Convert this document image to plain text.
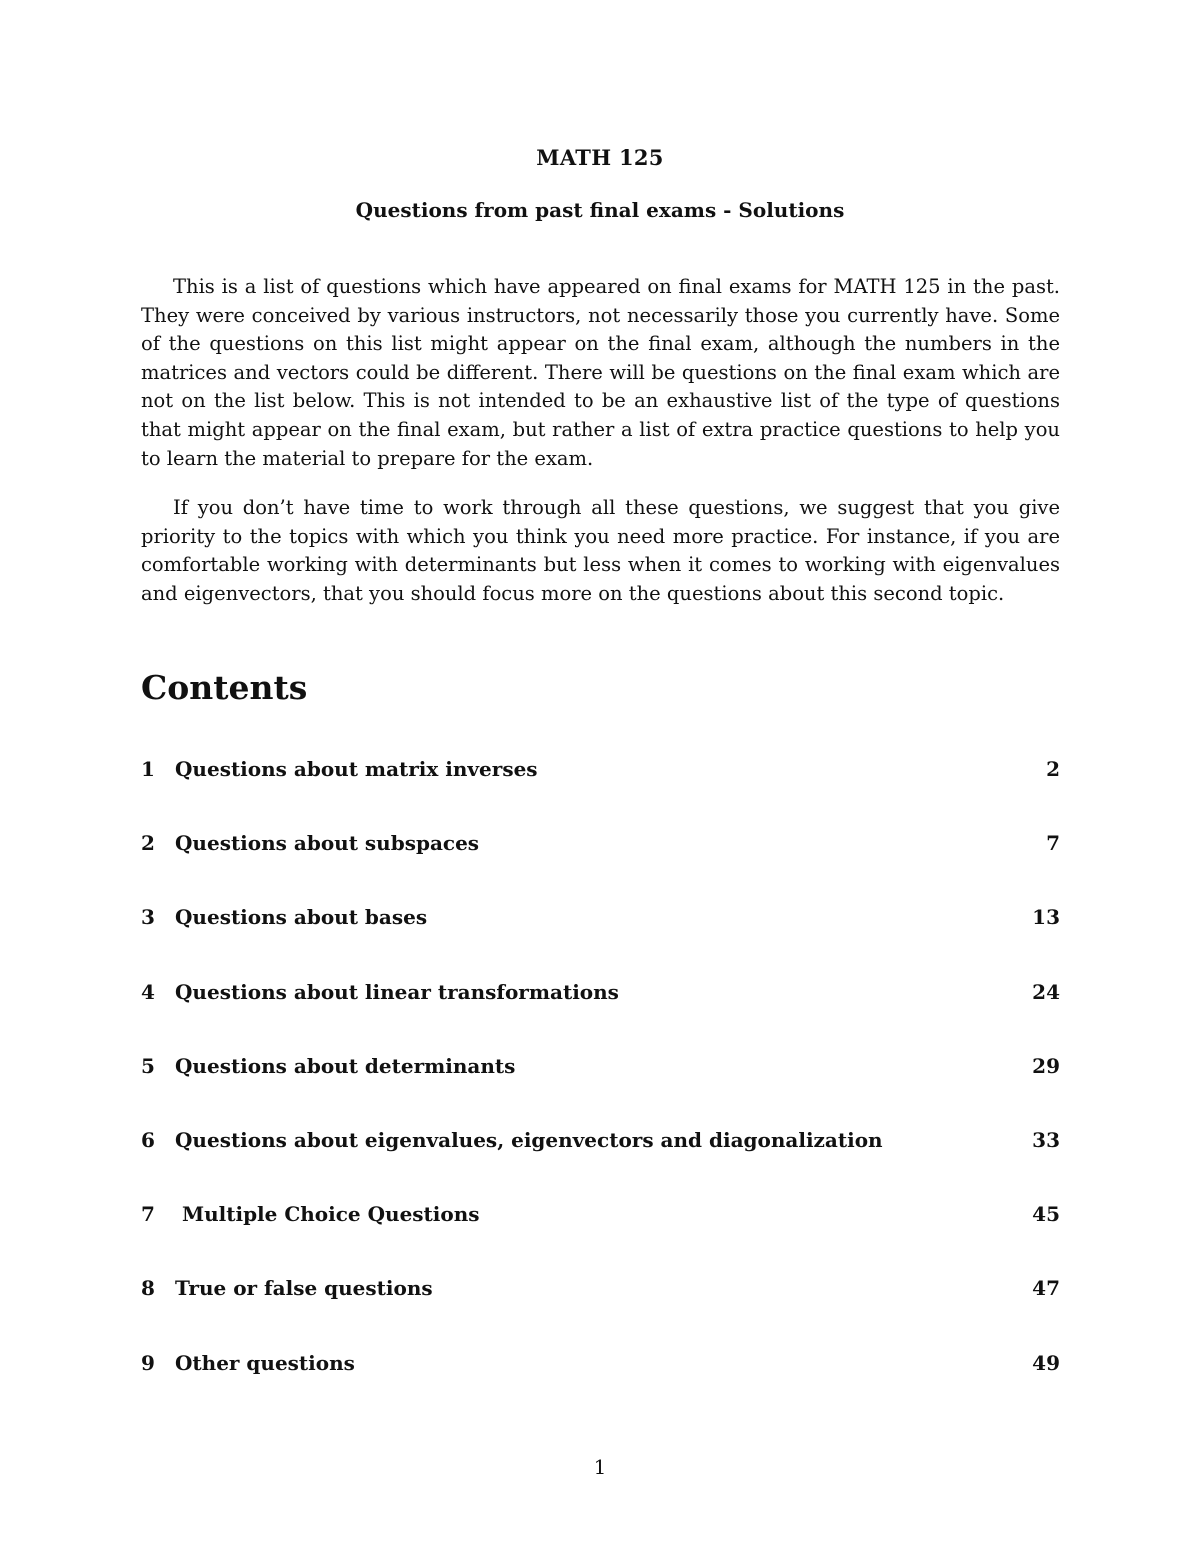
MATH 125
Questions from past final exams - Solutions

This is a list of questions which have appeared on final exams for MATH 125 in the past. They were conceived by various instructors, not necessarily those you currently have. Some of the questions on this list might appear on the final exam, although the numbers in the matrices and vectors could be different. There will be questions on the final exam which are not on the list below. This is not intended to be an exhaustive list of the type of questions that might appear on the final exam, but rather a list of extra practice questions to help you to learn the material to prepare for the exam.

If you don’t have time to work through all these questions, we suggest that you give priority to the topics with which you think you need more practice. For instance, if you are comfortable working with determinants but less when it comes to working with eigenvalues and eigenvectors, that you should focus more on the questions about this second topic.

Contents
1	Questions about matrix inverses	2
2	Questions about subspaces	7
3	Questions about bases	13
4	Questions about linear transformations	24
5	Questions about determinants	29
6	Questions about eigenvalues, eigenvectors and diagonalization	33
7	Multiple Choice Questions	45
8	True or false questions	47
9	Other questions	49
1
